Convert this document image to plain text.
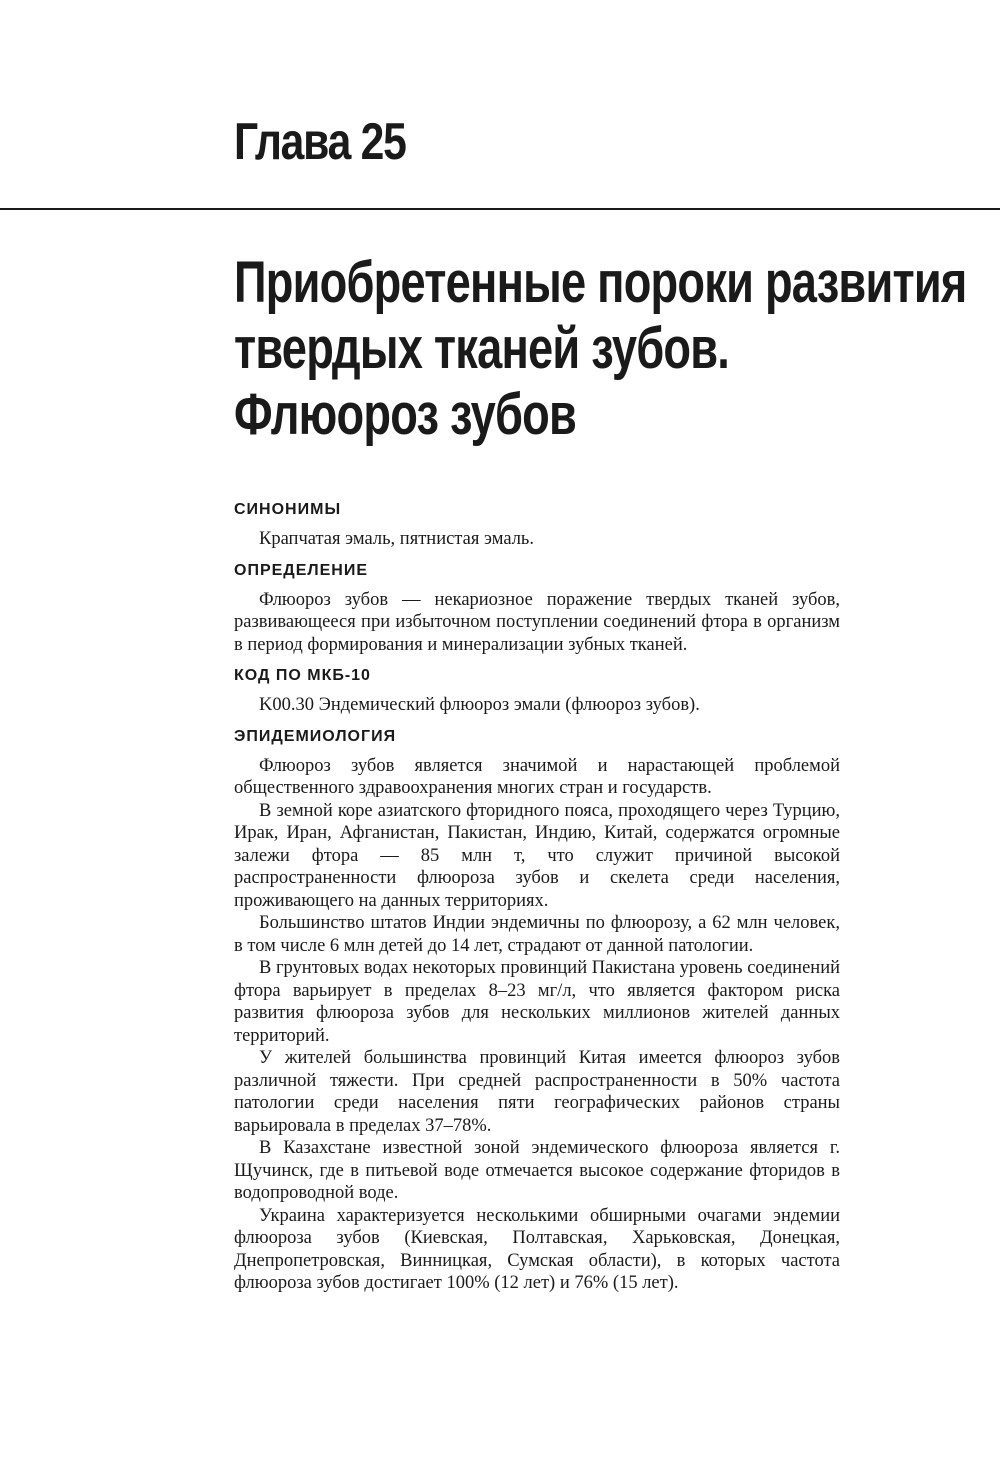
Глава 25
Приобретенные пороки развития
твердых тканей зубов.
Флюороз зубов
СИНОНИМЫ

Крапчатая эмаль, пятнистая эмаль.

ОПРЕДЕЛЕНИЕ

Флюороз зубов — некариозное поражение твердых тканей зубов, развивающееся при избыточном поступлении соединений фтора в организм в период формирования и минерализации зубных тканей.

КОД ПО МКБ-10

K00.30 Эндемический флюороз эмали (флюороз зубов).

ЭПИДЕМИОЛОГИЯ

Флюороз зубов является значимой и нарастающей проблемой общественного здравоохранения многих стран и государств.

В земной коре азиатского фторидного пояса, проходящего через Турцию, Ирак, Иран, Афганистан, Пакистан, Индию, Китай, содержатся огромные залежи фтора — 85 млн т, что служит причиной высокой распространенности флюороза зубов и скелета среди населения, проживающего на данных территориях.

Большинство штатов Индии эндемичны по флюорозу, а 62 млн человек, в том числе 6 млн детей до 14 лет, страдают от данной патологии.

В грунтовых водах некоторых провинций Пакистана уровень соединений фтора варьирует в пределах 8–23 мг/л, что является фактором риска развития флюороза зубов для нескольких миллионов жителей данных территорий.

У жителей большинства провинций Китая имеется флюороз зубов различной тяжести. При средней распространенности в 50% частота патологии среди населения пяти географических районов страны варьировала в пределах 37–78%.

В Казахстане известной зоной эндемического флюороза является г. Щучинск, где в питьевой воде отмечается высокое содержание фторидов в водопроводной воде.

Украина характеризуется несколькими обширными очагами эндемии флюороза зубов (Киевская, Полтавская, Харьковская, Донецкая, Днепропетровская, Винницкая, Сумская области), в которых частота флюороза зубов достигает 100% (12 лет) и 76% (15 лет).
